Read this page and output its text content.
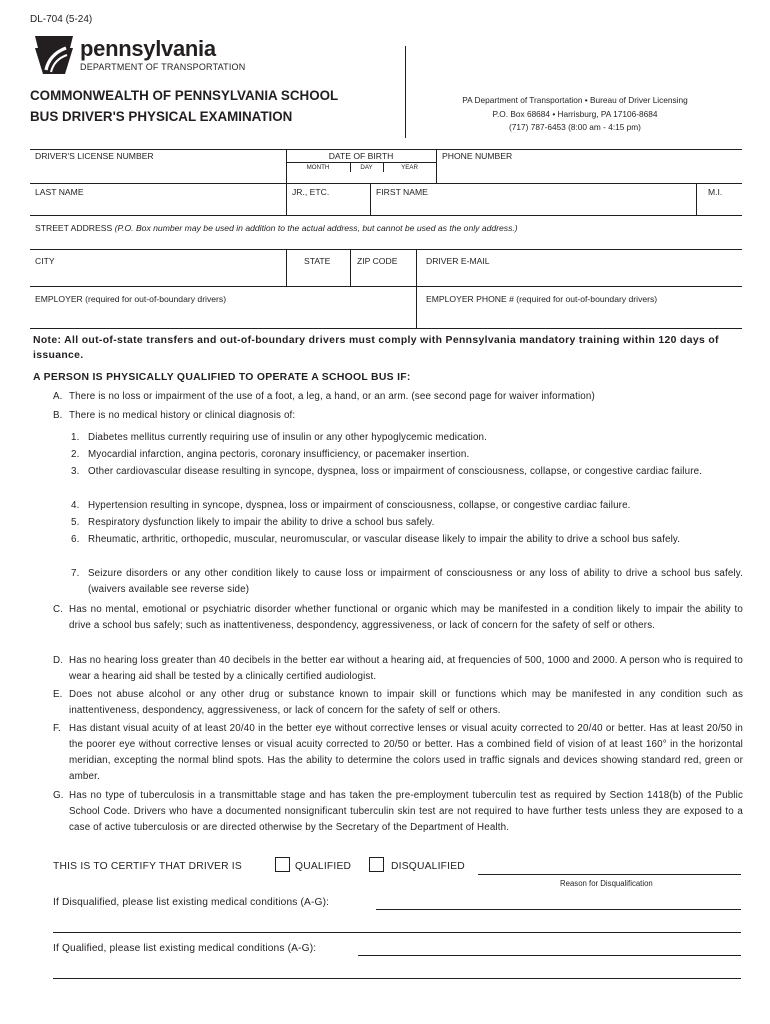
DL-704 (5-24)
pennsylvania
DEPARTMENT OF TRANSPORTATION
COMMONWEALTH OF PENNSYLVANIA SCHOOL
BUS DRIVER'S PHYSICAL EXAMINATION
PA Department of Transportation • Bureau of Driver Licensing
P.O. Box 68684 • Harrisburg, PA 17106-8684
(717) 787-6453 (8:00 am - 4:15 pm)
DRIVER'S LICENSE NUMBER	DATE OF BIRTH
MONTH	DAY	YEAR
PHONE NUMBER
LAST NAME	JR., ETC.	FIRST NAME	M.I.
STREET ADDRESS (P.O. Box number may be used in addition to the actual address, but cannot be used as the only address.)
CITY	STATE	ZIP CODE	DRIVER E-MAIL
EMPLOYER (required for out-of-boundary drivers)	EMPLOYER PHONE # (required for out-of-boundary drivers)
Note: All out-of-state transfers and out-of-boundary drivers must comply with Pennsylvania mandatory training within 120 days of issuance.
A PERSON IS PHYSICALLY QUALIFIED TO OPERATE A SCHOOL BUS IF:
A. There is no loss or impairment of the use of a foot, a leg, a hand, or an arm. (see second page for waiver information)
B. There is no medical history or clinical diagnosis of:
1. Diabetes mellitus currently requiring use of insulin or any other hypoglycemic medication.
2. Myocardial infarction, angina pectoris, coronary insufficiency, or pacemaker insertion.
3. Other cardiovascular disease resulting in syncope, dyspnea, loss or impairment of consciousness, collapse, or congestive cardiac failure.
4. Hypertension resulting in syncope, dyspnea, loss or impairment of consciousness, collapse, or congestive cardiac failure.
5. Respiratory dysfunction likely to impair the ability to drive a school bus safely.
6. Rheumatic, arthritic, orthopedic, muscular, neuromuscular, or vascular disease likely to impair the ability to drive a school bus safely.
7. Seizure disorders or any other condition likely to cause loss or impairment of consciousness or any loss of ability to drive a school bus safely. (waivers available see reverse side)
C. Has no mental, emotional or psychiatric disorder whether functional or organic which may be manifested in a condition likely to impair the ability to drive a school bus safely; such as inattentiveness, despondency, aggressiveness, or lack of concern for the safety of self or others.
D. Has no hearing loss greater than 40 decibels in the better ear without a hearing aid, at frequencies of 500, 1000 and 2000. A person who is required to wear a hearing aid shall be tested by a clinically certified audiologist.
E. Does not abuse alcohol or any other drug or substance known to impair skill or functions which may be manifested in any condition such as inattentiveness, despondency, aggressiveness, or lack of concern for the safety of self or others.
F. Has distant visual acuity of at least 20/40 in the better eye without corrective lenses or visual acuity corrected to 20/40 or better. Has at least 20/50 in the poorer eye without corrective lenses or visual acuity corrected to 20/50 or better. Has a combined field of vision of at least 160° in the horizontal meridian, excepting the normal blind spots. Has the ability to determine the colors used in traffic signals and devices showing standard red, green or amber.
G. Has no type of tuberculosis in a transmittable stage and has taken the pre-employment tuberculin test as required by Section 1418(b) of the Public School Code. Drivers who have a documented nonsignificant tuberculin skin test are not required to have further tests unless they are exposed to a case of active tuberculosis or are directed otherwise by the Secretary of the Department of Health.
THIS IS TO CERTIFY THAT DRIVER IS	QUALIFIED	DISQUALIFIED
Reason for Disqualification
If Disqualified, please list existing medical conditions (A-G):
If Qualified, please list existing medical conditions (A-G):
